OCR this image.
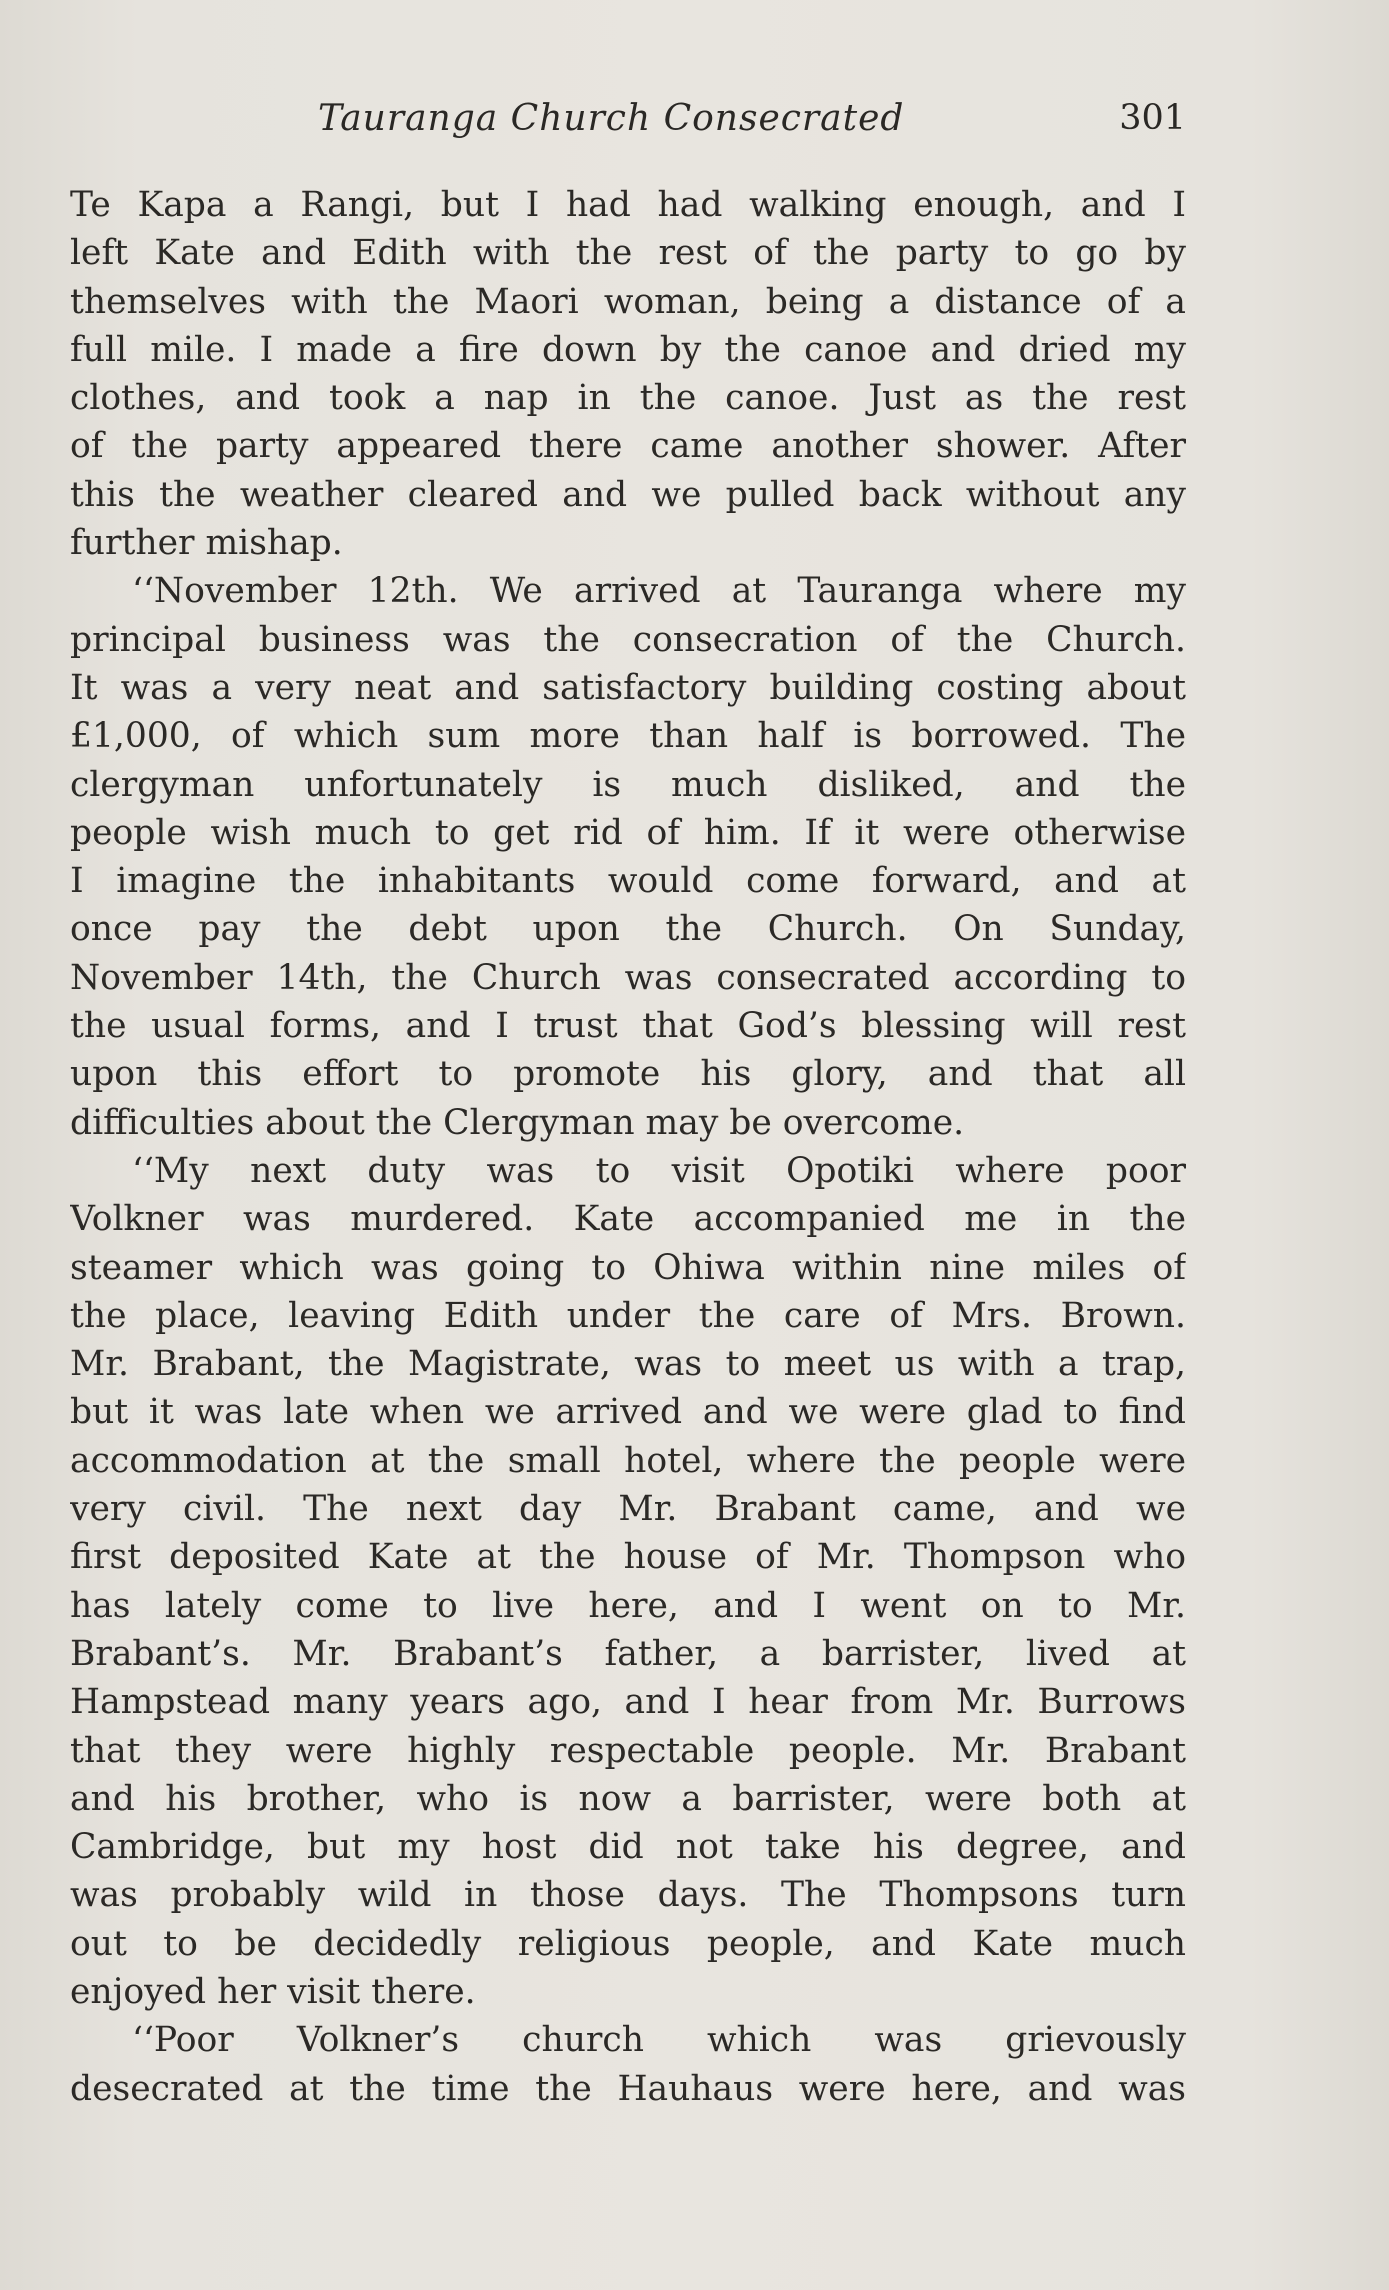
Tauranga Church Consecrated	301
Te Kapa a Rangi, but I had had walking enough, and I
left Kate and Edith with the rest of the party to go by
themselves with the Maori woman, being a distance of a
full mile. I made a fire down by the canoe and dried my
clothes, and took a nap in the canoe. Just as the rest
of the party appeared there came another shower. After
this the weather cleared and we pulled back without any
further mishap.
‘‘November 12th. We arrived at Tauranga where my
principal business was the consecration of the Church.
It was a very neat and satisfactory building costing about
£1,000, of which sum more than half is borrowed. The
clergyman unfortunately is much disliked, and the
people wish much to get rid of him. If it were otherwise
I imagine the inhabitants would come forward, and at
once pay the debt upon the Church. On Sunday,
November 14th, the Church was consecrated according to
the usual forms, and I trust that God’s blessing will rest
upon this effort to promote his glory, and that all
difficulties about the Clergyman may be overcome.
‘‘My next duty was to visit Opotiki where poor
Volkner was murdered. Kate accompanied me in the
steamer which was going to Ohiwa within nine miles of
the place, leaving Edith under the care of Mrs. Brown.
Mr. Brabant, the Magistrate, was to meet us with a trap,
but it was late when we arrived and we were glad to find
accommodation at the small hotel, where the people were
very civil. The next day Mr. Brabant came, and we
first deposited Kate at the house of Mr. Thompson who
has lately come to live here, and I went on to Mr.
Brabant’s. Mr. Brabant’s father, a barrister, lived at
Hampstead many years ago, and I hear from Mr. Burrows
that they were highly respectable people. Mr. Brabant
and his brother, who is now a barrister, were both at
Cambridge, but my host did not take his degree, and
was probably wild in those days. The Thompsons turn
out to be decidedly religious people, and Kate much
enjoyed her visit there.
‘‘Poor Volkner’s church which was grievously
desecrated at the time the Hauhaus were here, and was
